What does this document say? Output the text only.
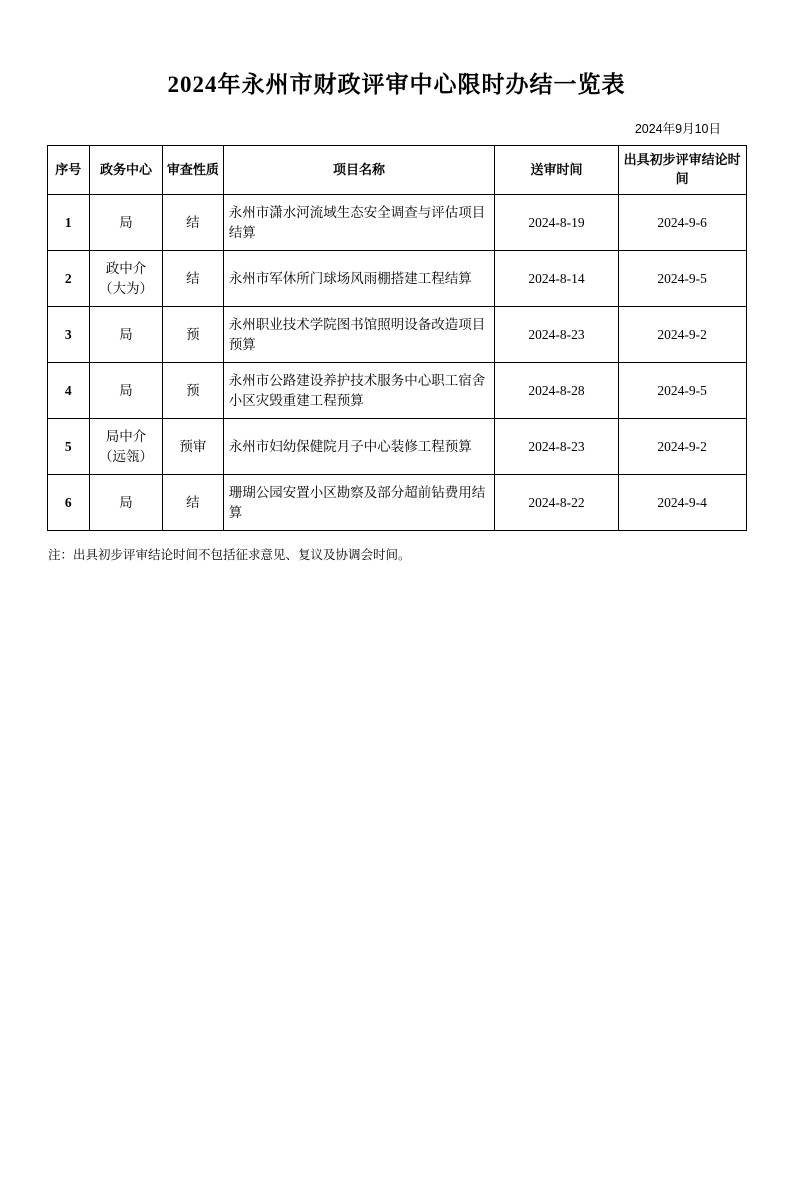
2024年永州市财政评审中心限时办结一览表
2024年9月10日
序号	政务中心	审查性质	项目名称	送审时间	出具初步评审结论时间
1	局	结	永州市潇水河流域生态安全调查与评估项目结算	2024-8-19	2024-9-6
2	政中介（大为）	结	永州市军休所门球场风雨棚搭建工程结算	2024-8-14	2024-9-5
3	局	预	永州职业技术学院图书馆照明设备改造项目预算	2024-8-23	2024-9-2
4	局	预	永州市公路建设养护技术服务中心职工宿舍小区灾毁重建工程预算	2024-8-28	2024-9-5
5	局中介（远瓴）	预审	永州市妇幼保健院月子中心装修工程预算	2024-8-23	2024-9-2
6	局	结	珊瑚公园安置小区勘察及部分超前钻费用结算	2024-8-22	2024-9-4
注：出具初步评审结论时间不包括征求意见、复议及协调会时间。
